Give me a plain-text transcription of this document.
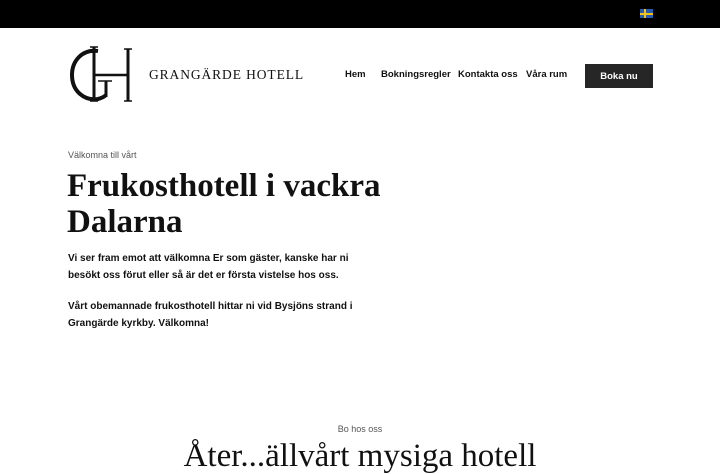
GRANGÄRDE HOTELL	Hem Bokningsregler Kontakta oss Våra rum	Boka nu
Välkomna till vårt
Frukosthotell i vackra Dalarna

Vi ser fram emot att välkomna Er som gäster, kanske har ni besökt oss förut eller så är det er första vistelse hos oss.

Vårt obemannade frukosthotell hittar ni vid Bysjöns strand i Grangärde kyrkby. Välkomna!

Bo hos oss
Åter...ällvårt mysiga hotell
